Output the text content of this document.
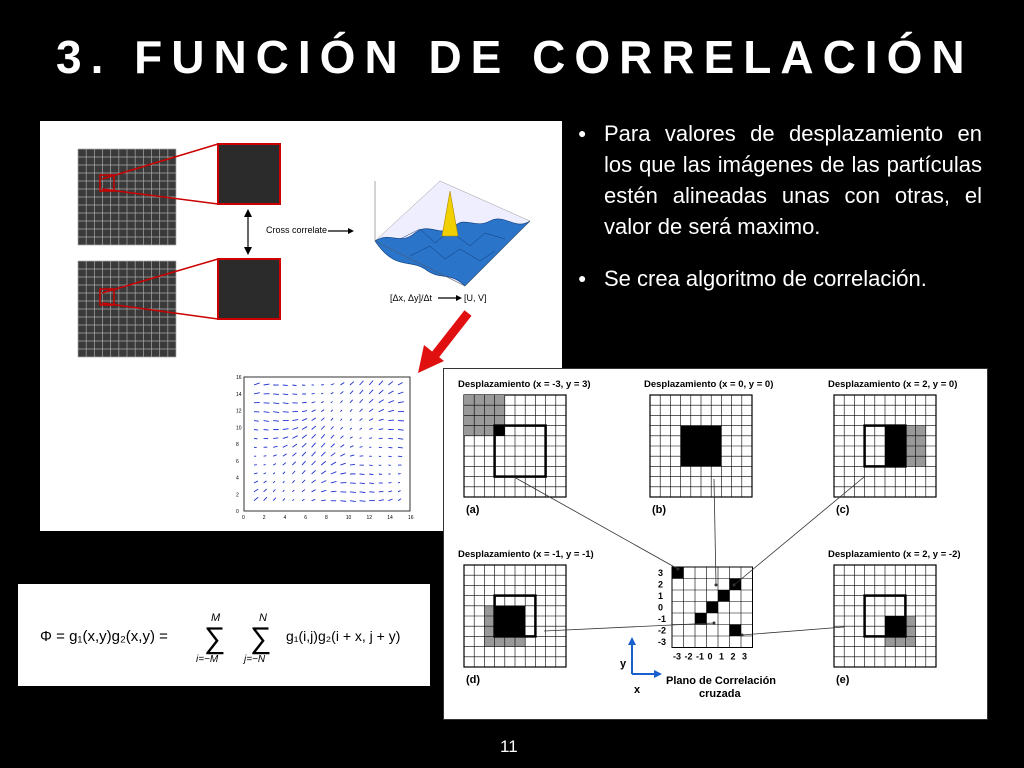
3. FUNCIÓN DE CORRELACIÓN
● Para valores de desplazamiento en los que las imágenes de las partículas estén alineadas unas con otras, el valor de será maximo.
● Se crea algoritmo de correlación.
Cross correlate
[Δx, Δy]/Δt	[U, V]
0	2	4	6	8	10	12	14	16
0
2
4
6
8
10
12
14
16
Φ = g₁(x,y)g₂(x,y) =
M
∑
i=−M
N
∑
j=−N
g₁(i,j)g₂(i + x, j + y)
Desplazamiento (x = -3, y = 3)
(a)
Desplazamiento (x = 0, y = 0)
(b)
Desplazamiento (x = 2, y = 0)
(c)
Desplazamiento (x = -1, y = -1)
(d)
Desplazamiento (x = 2, y = -2)
(e)
3
2
1
0
-1
-2
-3
-3 -2 -1 0 1 2 3
Plano de Correlación
cruzada
y
x
11
